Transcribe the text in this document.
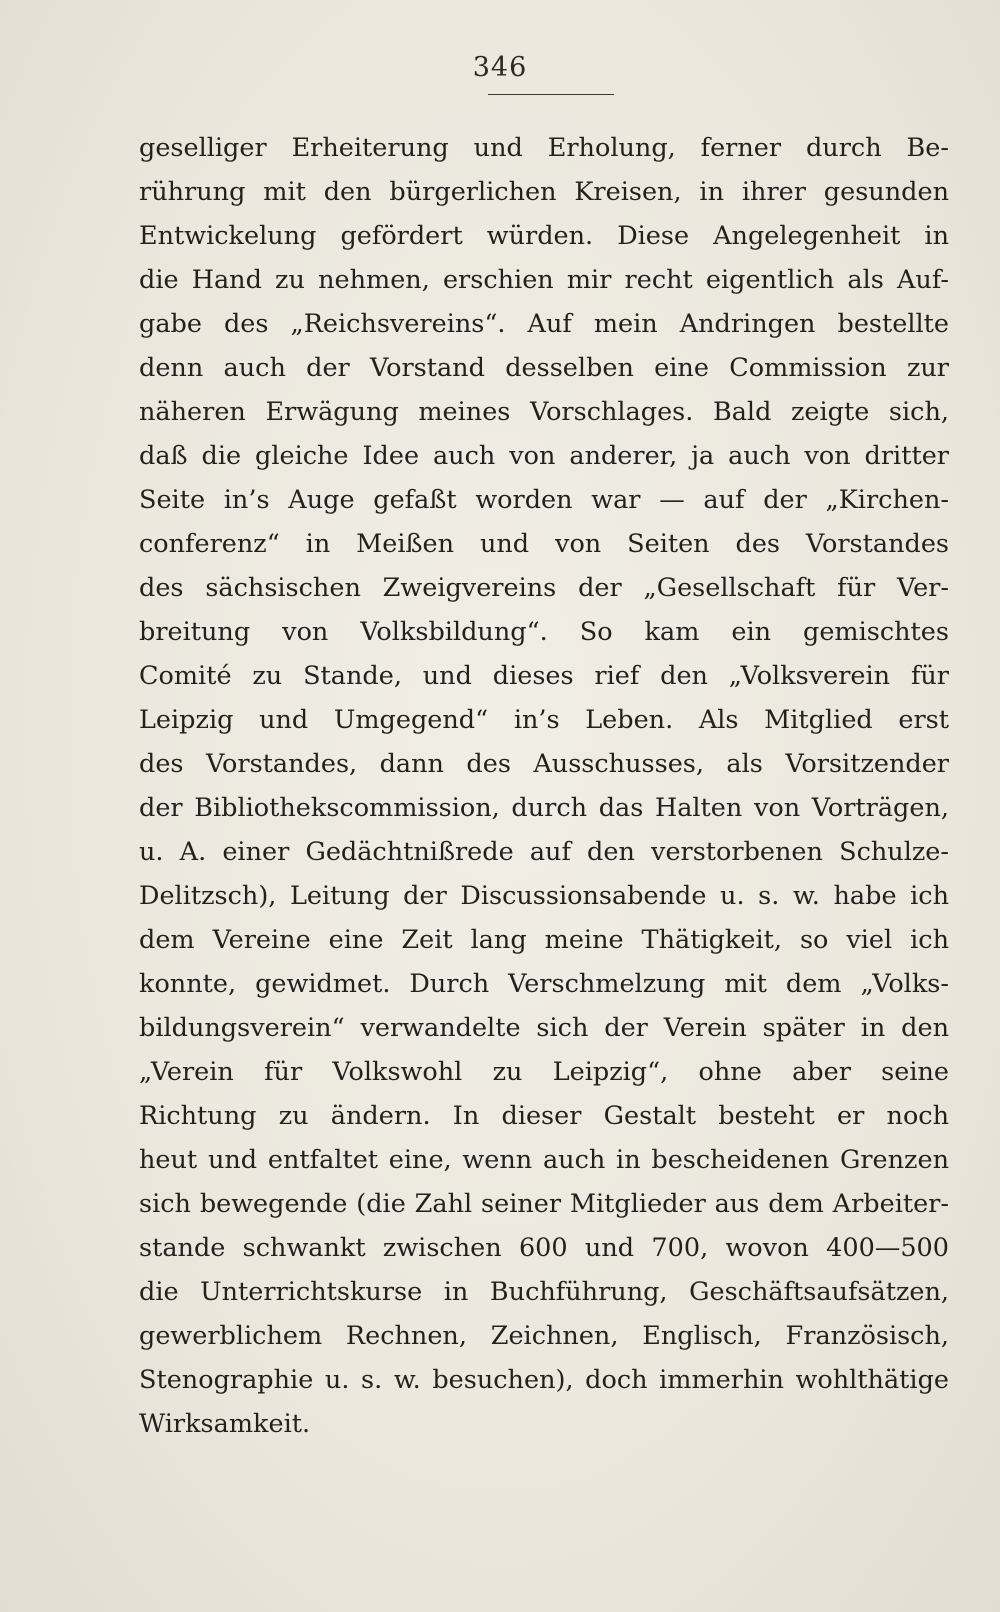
346
geselliger Erheiterung und Erholung, ferner durch Be-
rührung mit den bürgerlichen Kreisen, in ihrer gesunden
Entwickelung gefördert würden. Diese Angelegenheit in
die Hand zu nehmen, erschien mir recht eigentlich als Auf-
gabe des „Reichsvereins“. Auf mein Andringen bestellte
denn auch der Vorstand desselben eine Commission zur
näheren Erwägung meines Vorschlages. Bald zeigte sich,
daß die gleiche Idee auch von anderer, ja auch von dritter
Seite in’s Auge gefaßt worden war — auf der „Kirchen-
conferenz“ in Meißen und von Seiten des Vorstandes
des sächsischen Zweigvereins der „Gesellschaft für Ver-
breitung von Volksbildung“. So kam ein gemischtes
Comité zu Stande, und dieses rief den „Volksverein für
Leipzig und Umgegend“ in’s Leben. Als Mitglied erst
des Vorstandes, dann des Ausschusses, als Vorsitzender
der Bibliothekscommission, durch das Halten von Vorträgen,
u. A. einer Gedächtnißrede auf den verstorbenen Schulze-
Delitzsch), Leitung der Discussionsabende u. s. w. habe ich
dem Vereine eine Zeit lang meine Thätigkeit, so viel ich
konnte, gewidmet. Durch Verschmelzung mit dem „Volks-
bildungsverein“ verwandelte sich der Verein später in den
„Verein für Volkswohl zu Leipzig“, ohne aber seine
Richtung zu ändern. In dieser Gestalt besteht er noch
heut und entfaltet eine, wenn auch in bescheidenen Grenzen
sich bewegende (die Zahl seiner Mitglieder aus dem Arbeiter-
stande schwankt zwischen 600 und 700, wovon 400—500
die Unterrichtskurse in Buchführung, Geschäftsaufsätzen,
gewerblichem Rechnen, Zeichnen, Englisch, Französisch,
Stenographie u. s. w. besuchen), doch immerhin wohlthätige
Wirksamkeit.
